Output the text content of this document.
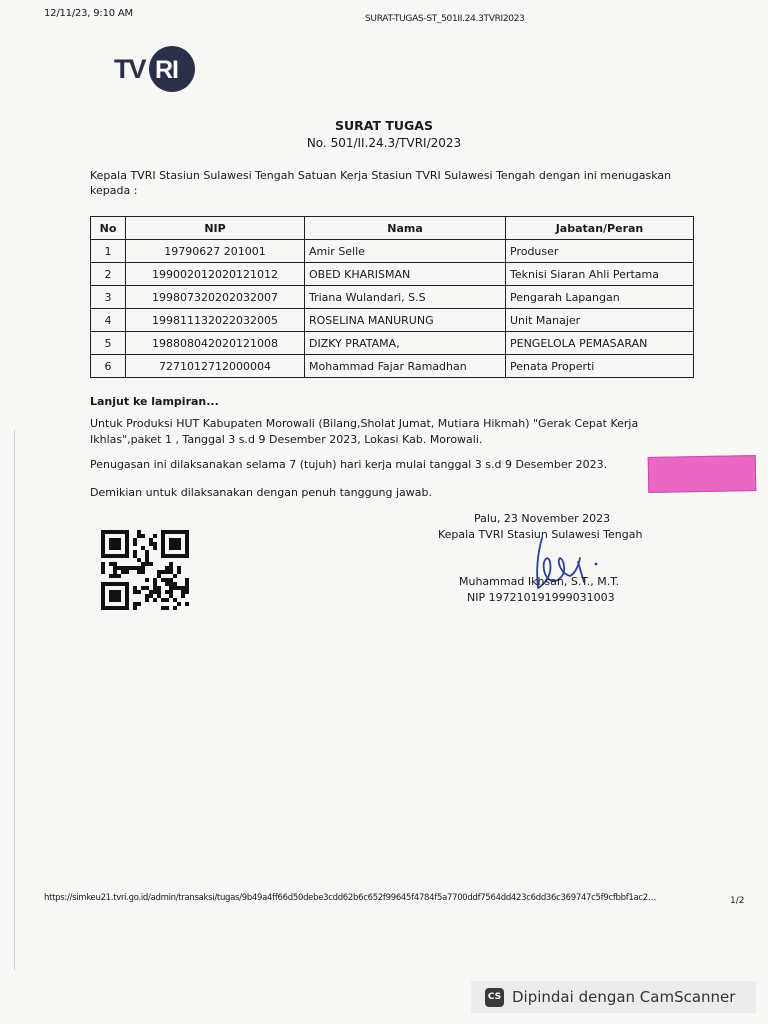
12/11/23, 9:10 AM	SURAT-TUGAS-ST_501II.24.3TVRI2023
TV RI
SURAT TUGAS
No. 501/II.24.3/TVRI/2023
Kepala TVRI Stasiun Sulawesi Tengah Satuan Kerja Stasiun TVRI Sulawesi Tengah dengan ini menugaskan kepada :
No	NIP	Nama	Jabatan/Peran
1	19790627 201001	Amir Selle	Produser
2	199002012020121012	OBED KHARISMAN	Teknisi Siaran Ahli Pertama
3	199807320202032007	Triana Wulandari, S.S	Pengarah Lapangan
4	199811132022032005	ROSELINA MANURUNG	Unit Manajer
5	198808042020121008	DIZKY PRATAMA,	PENGELOLA PEMASARAN
6	7271012712000004	Mohammad Fajar Ramadhan	Penata Properti
Lanjut ke lampiran...
Untuk Produksi HUT Kabupaten Morowali (Bilang,Sholat Jumat, Mutiara Hikmah) "Gerak Cepat Kerja Ikhlas",paket 1 , Tanggal 3 s.d 9 Desember 2023, Lokasi Kab. Morowali.
Penugasan ini dilaksanakan selama 7 (tujuh) hari kerja mulai tanggal 3 s.d 9 Desember 2023.
Demikian untuk dilaksanakan dengan penuh tanggung jawab.
Palu, 23 November 2023
Kepala TVRI Stasiun Sulawesi Tengah
Muhammad Ikhsan, S.T., M.T.
NIP 197210191999031003
https://simkeu21.tvri.go.id/admin/transaksi/tugas/9b49a4ff66d50debe3cdd62b6c652f99645f4784f5a7700ddf7564dd423c6dd36c369747c5f9cfbbf1ac2…	1/2
CS Dipindai dengan CamScanner
